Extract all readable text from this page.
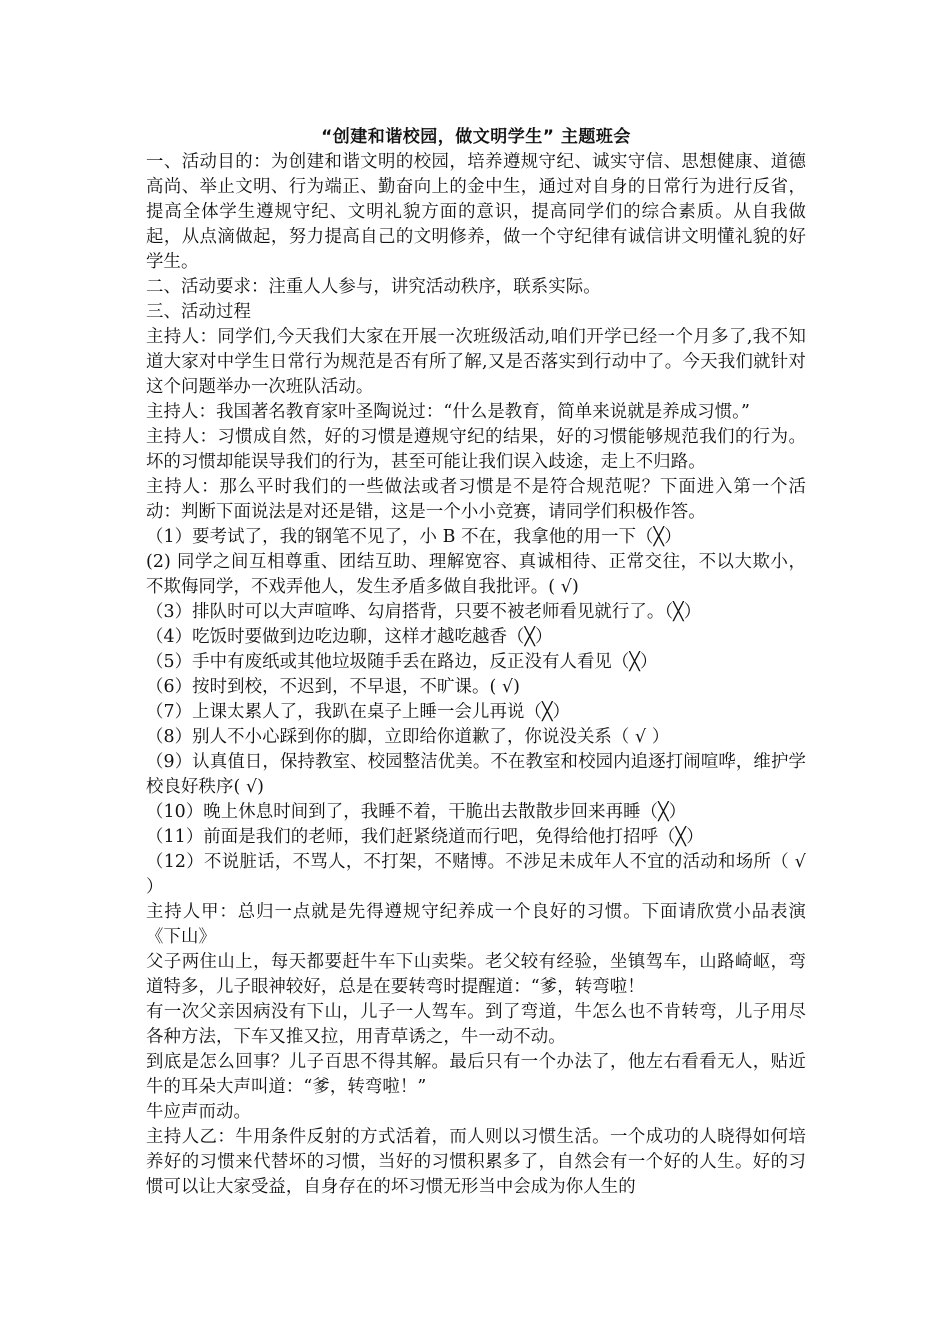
“创建和谐校园，做文明学生” 主题班会

一、活动目的：为创建和谐文明的校园，培养遵规守纪、诚实守信、思想健康、道德高尚、举止文明、行为端正、勤奋向上的金中生，通过对自身的日常行为进行反省，提高全体学生遵规守纪、文明礼貌方面的意识，提高同学们的综合素质。从自我做起，从点滴做起，努力提高自己的文明修养，做一个守纪律有诚信讲文明懂礼貌的好学生。

二、活动要求：注重人人参与，讲究活动秩序，联系实际。

三、活动过程

主持人：同学们,今天我们大家在开展一次班级活动,咱们开学已经一个月多了,我不知道大家对中学生日常行为规范是否有所了解,又是否落实到行动中了。今天我们就针对这个问题举办一次班队活动。

主持人：我国著名教育家叶圣陶说过：“什么是教育，简单来说就是养成习惯。”

主持人：习惯成自然，好的习惯是遵规守纪的结果，好的习惯能够规范我们的行为。坏的习惯却能误导我们的行为，甚至可能让我们误入歧途，走上不归路。

主持人：那么平时我们的一些做法或者习惯是不是符合规范呢？下面进入第一个活动：判断下面说法是对还是错，这是一个小小竞赛，请同学们积极作答。

（1）要考试了，我的钢笔不见了，小 B 不在，我拿他的用一下（╳）

(2) 同学之间互相尊重、团结互助、理解宽容、真诚相待、正常交往，不以大欺小，不欺侮同学，不戏弄他人，发生矛盾多做自我批评。( √)

（3）排队时可以大声喧哗、勾肩搭背，只要不被老师看见就行了。（╳）

（4）吃饭时要做到边吃边聊，这样才越吃越香（╳）

（5）手中有废纸或其他垃圾随手丢在路边，反正没有人看见（╳）

（6）按时到校，不迟到，不早退，不旷课。( √)

（7）上课太累人了，我趴在桌子上睡一会儿再说（╳）

（8）别人不小心踩到你的脚，立即给你道歉了，你说没关系（ √ ）

（9）认真值日，保持教室、校园整洁优美。不在教室和校园内追逐打闹喧哗，维护学校良好秩序( √)

（10）晚上休息时间到了，我睡不着，干脆出去散散步回来再睡（╳）

（11）前面是我们的老师，我们赶紧绕道而行吧，免得给他打招呼（╳）

（12）不说脏话，不骂人，不打架，不赌博。不涉足未成年人不宜的活动和场所（ √ ）

主持人甲：总归一点就是先得遵规守纪养成一个良好的习惯。下面请欣赏小品表演《下山》

父子两住山上，每天都要赶牛车下山卖柴。老父较有经验，坐镇驾车，山路崎岖，弯道特多，儿子眼神较好，总是在要转弯时提醒道：“爹，转弯啦！

有一次父亲因病没有下山，儿子一人驾车。到了弯道，牛怎么也不肯转弯，儿子用尽各种方法，下车又推又拉，用青草诱之，牛一动不动。

到底是怎么回事？儿子百思不得其解。最后只有一个办法了，他左右看看无人，贴近牛的耳朵大声叫道：“爹，转弯啦！”

牛应声而动。

主持人乙：牛用条件反射的方式活着，而人则以习惯生活。一个成功的人晓得如何培养好的习惯来代替坏的习惯，当好的习惯积累多了，自然会有一个好的人生。好的习惯可以让大家受益，自身存在的坏习惯无形当中会成为你人生的
